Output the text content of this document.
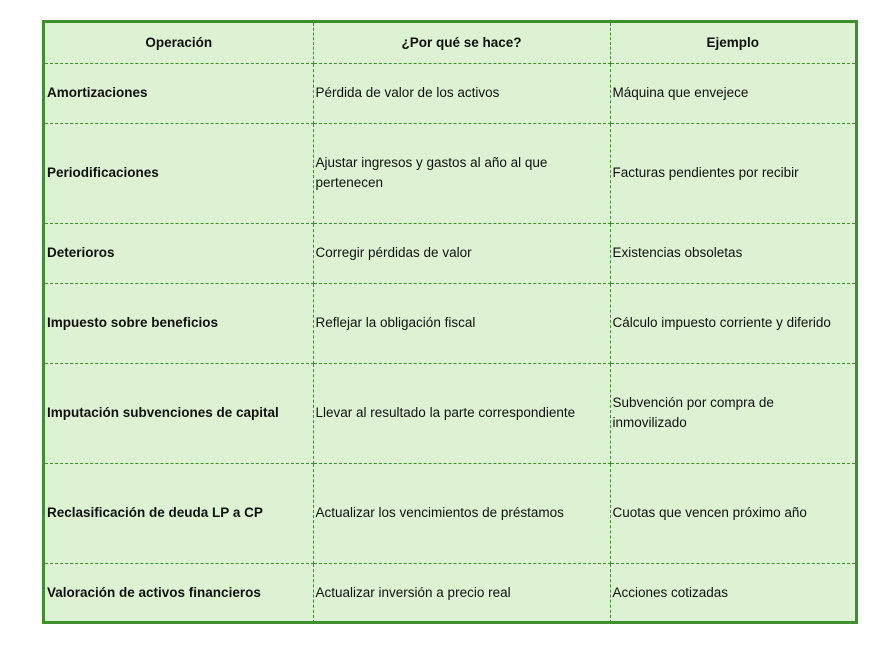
Operación	¿Por qué se hace?	Ejemplo
Amortizaciones	Pérdida de valor de los activos	Máquina que envejece
Periodificaciones	Ajustar ingresos y gastos al año al que pertenecen	Facturas pendientes por recibir
Deterioros	Corregir pérdidas de valor	Existencias obsoletas
Impuesto sobre beneficios	Reflejar la obligación fiscal	Cálculo impuesto corriente y diferido
Imputación subvenciones de capital	Llevar al resultado la parte correspondiente	Subvención por compra de inmovilizado
Reclasificación de deuda LP a CP	Actualizar los vencimientos de préstamos	Cuotas que vencen próximo año
Valoración de activos financieros	Actualizar inversión a precio real	Acciones cotizadas
